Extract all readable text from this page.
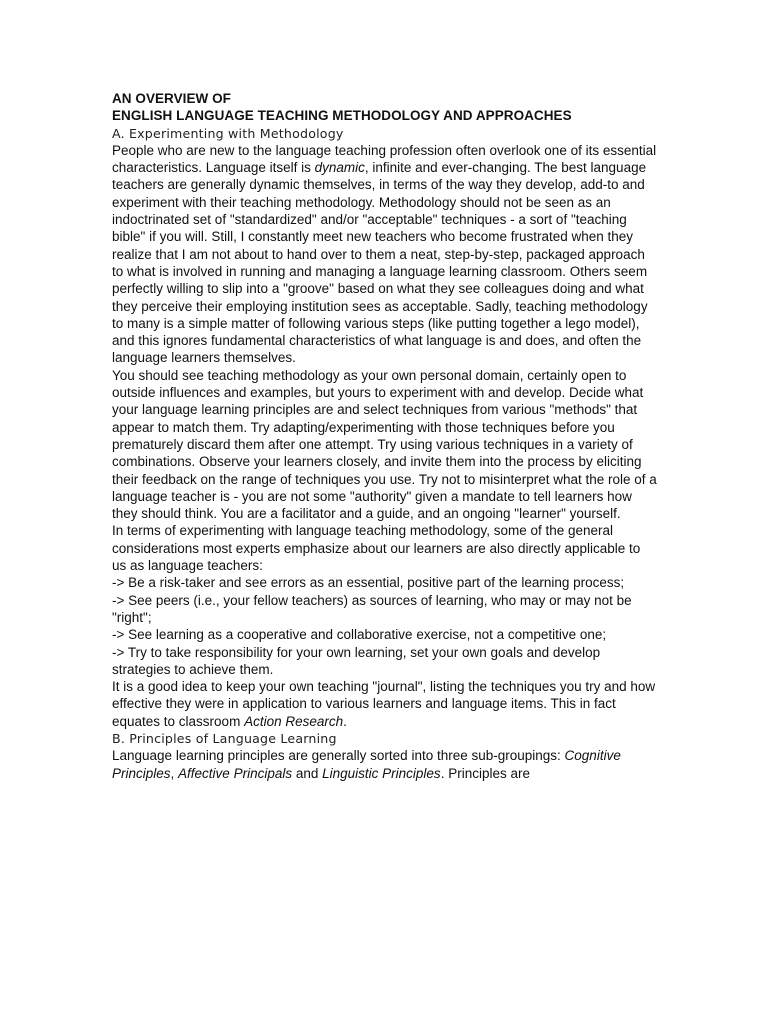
AN OVERVIEW OF
ENGLISH LANGUAGE TEACHING METHODOLOGY AND APPROACHES
A. Experimenting with Methodology

People who are new to the language teaching profession often overlook one of its essential characteristics. Language itself is dynamic, infinite and ever-changing. The best language teachers are generally dynamic themselves, in terms of the way they develop, add-to and experiment with their teaching methodology. Methodology should not be seen as an indoctrinated set of "standardized" and/or "acceptable" techniques - a sort of "teaching bible" if you will. Still, I constantly meet new teachers who become frustrated when they realize that I am not about to hand over to them a neat, step-by-step, packaged approach to what is involved in running and managing a language learning classroom. Others seem perfectly willing to slip into a "groove" based on what they see colleagues doing and what they perceive their employing institution sees as acceptable. Sadly, teaching methodology to many is a simple matter of following various steps (like putting together a lego model), and this ignores fundamental characteristics of what language is and does, and often the language learners themselves.

You should see teaching methodology as your own personal domain, certainly open to outside influences and examples, but yours to experiment with and develop. Decide what your language learning principles are and select techniques from various "methods" that appear to match them. Try adapting/experimenting with those techniques before you prematurely discard them after one attempt. Try using various techniques in a variety of combinations. Observe your learners closely, and invite them into the process by eliciting their feedback on the range of techniques you use. Try not to misinterpret what the role of a language teacher is - you are not some "authority" given a mandate to tell learners how they should think. You are a facilitator and a guide, and an ongoing "learner" yourself.

In terms of experimenting with language teaching methodology, some of the general considerations most experts emphasize about our learners are also directly applicable to us as language teachers:

-> Be a risk-taker and see errors as an essential, positive part of the learning process;

-> See peers (i.e., your fellow teachers) as sources of learning, who may or may not be "right";

-> See learning as a cooperative and collaborative exercise, not a competitive one;

-> Try to take responsibility for your own learning, set your own goals and develop strategies to achieve them.

It is a good idea to keep your own teaching "journal", listing the techniques you try and how effective they were in application to various learners and language items. This in fact equates to classroom Action Research.

B. Principles of Language Learning

Language learning principles are generally sorted into three sub-groupings: Cognitive Principles, Affective Principals and Linguistic Principles. Principles are
